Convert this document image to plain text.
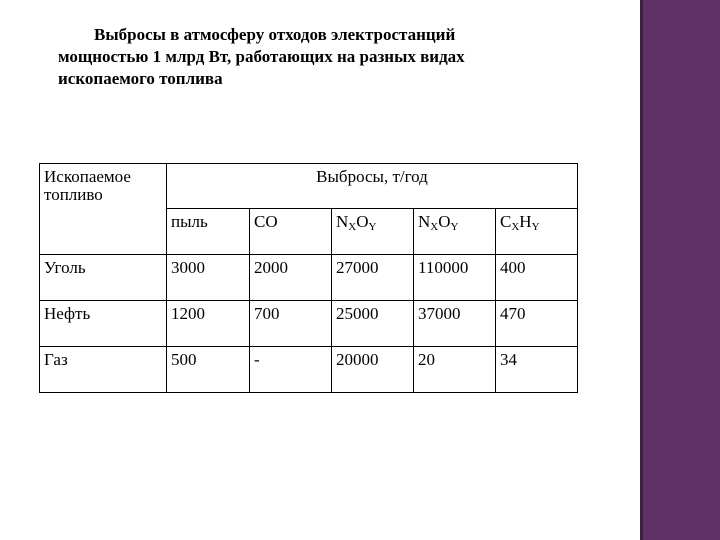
Выбросы в атмосферу отходов электростанций
мощностью 1 млрд Вт, работающих на разных видах
ископаемого топлива
Ископаемое
топливо	Выбросы, т/год				
	пыль	CO	$N_XO_Y$	$N_XO_Y$	$C_XH_Y$
Уголь	3000	2000	27000	110000	400
Нефть	1200	700	25000	37000	470
Газ	500	-	20000	20	34
